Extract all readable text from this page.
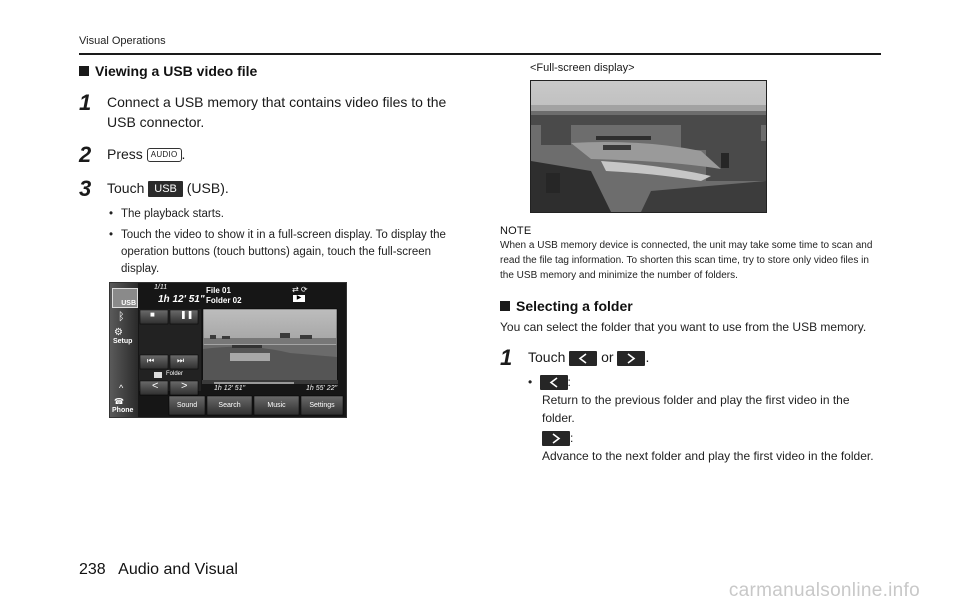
Visual Operations
Viewing a USB video file
1	Connect a USB memory that contains video files to the USB connector.
2	Press AUDIO .
3	Touch USB (USB).
• The playback starts.
• Touch the video to show it in a full-screen display. To display the operation buttons (touch buttons) again, touch the full-screen display.
USB
ᛒ
⚙
Setup
^
☎
Phone
1/11
1h 12' 51"
File 01
Folder 02
⇄ ⟳
▶
■	❚❚
⏮	⏭
< >
Folder
1h 12' 51"	1h 55' 22"
Sound	Search	Music	Settings
<Full-screen display>
NOTE
When a USB memory device is connected, the unit may take some time to scan and read the file tag information. To shorten this scan time, try to store only video files in the USB memory and minimize the number of folders.
Selecting a folder
You can select the folder that you want to use from the USB memory.
1	Touch	or .
•	:
Return to the previous folder and play the first video in the folder.
:
Advance to the next folder and play the first video in the folder.
238 Audio and Visual
carmanualsonline.info
